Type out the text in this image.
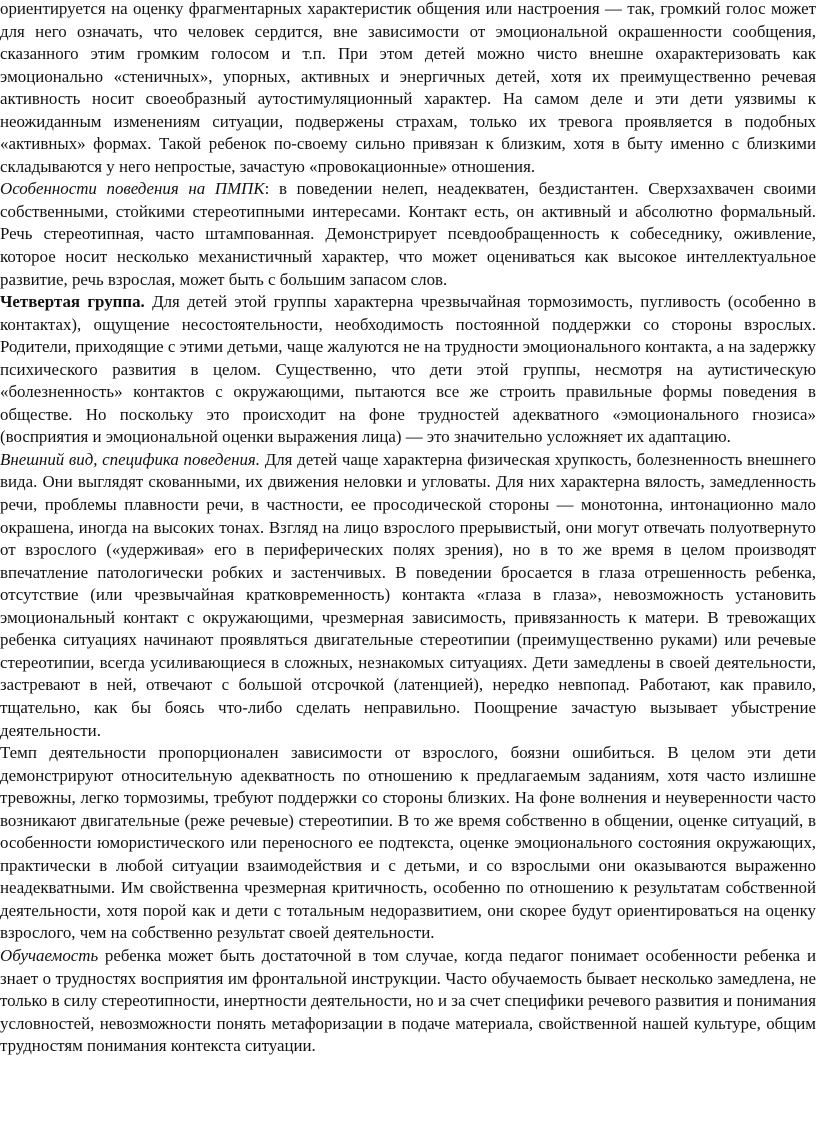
ориентируется на оценку фрагментарных характеристик общения или настроения — так, громкий голос может для него означать, что человек сердится, вне зависимости от эмоциональной окрашенности сообщения, сказанного этим громким голосом и т.п. При этом детей можно чисто внешне охарактеризовать как эмоционально «стеничных», упорных, активных и энергичных детей, хотя их преимущественно речевая активность носит своеобразный аутостимуляционный характер. На самом деле и эти дети уязвимы к неожиданным изменениям ситуации, подвержены страхам, только их тревога проявляется в подобных «активных» формах. Такой ребенок по-своему сильно привязан к близким, хотя в быту именно с близкими складываются у него непростые, зачастую «провокационные» отношения.

Особенности поведения на ПМПК: в поведении нелеп, неадекватен, бездистантен. Сверхзахвачен своими собственными, стойкими стереотипными интересами. Контакт есть, он активный и абсолютно формальный. Речь стереотипная, часто штампованная. Демонстрирует псевдообращенность к собеседнику, оживление, которое носит несколько механистичный характер, что может оцениваться как высокое интеллектуальное развитие, речь взрослая, может быть с большим запасом слов.

Четвертая группа. Для детей этой группы характерна чрезвычайная тормозимость, пугливость (особенно в контактах), ощущение несостоятельности, необходимость постоянной поддержки со стороны взрослых. Родители, приходящие с этими детьми, чаще жалуются не на трудности эмоционального контакта, а на задержку психического развития в целом. Существенно, что дети этой группы, несмотря на аутистическую «болезненность» контактов с окружающими, пытаются все же строить правильные формы поведения в обществе. Но поскольку это происходит на фоне трудностей адекватного «эмоционального гнозиса» (восприятия и эмоциональной оценки выражения лица) — это значительно усложняет их адаптацию.

Внешний вид, специфика поведения. Для детей чаще характерна физическая хрупкость, болезненность внешнего вида. Они выглядят скованными, их движения неловки и угловаты. Для них характерна вялость, замедленность речи, проблемы плавности речи, в частности, ее просодической стороны — монотонна, интонационно мало окрашена, иногда на высоких тонах. Взгляд на лицо взрослого прерывистый, они могут отвечать полуотвернуто от взрослого («удерживая» его в периферических полях зрения), но в то же время в целом производят впечатление патологически робких и застенчивых. В поведении бросается в глаза отрешенность ребенка, отсутствие (или чрезвычайная кратковременность) контакта «глаза в глаза», невозможность установить эмоциональный контакт с окружающими, чрезмерная зависимость, привязанность к матери. В тревожащих ребенка ситуациях начинают проявляться двигательные стереотипии (преимущественно руками) или речевые стереотипии, всегда усиливающиеся в сложных, незнакомых ситуациях. Дети замедлены в своей деятельности, застревают в ней, отвечают с большой отсрочкой (латенцией), нередко невпопад. Работают, как правило, тщательно, как бы боясь что-либо сделать неправильно. Поощрение зачастую вызывает убыстрение деятельности.

Темп деятельности пропорционален зависимости от взрослого, боязни ошибиться. В целом эти дети демонстрируют относительную адекватность по отношению к предлагаемым заданиям, хотя часто излишне тревожны, легко тормозимы, требуют поддержки со стороны близких. На фоне волнения и неуверенности часто возникают двигательные (реже речевые) стереотипии. В то же время собственно в общении, оценке ситуаций, в особенности юмористического или переносного ее подтекста, оценке эмоционального состояния окружающих, практически в любой ситуации взаимодействия и с детьми, и со взрослыми они оказываются выраженно неадекватными. Им свойственна чрезмерная критичность, особенно по отношению к результатам собственной деятельности, хотя порой как и дети с тотальным недоразвитием, они скорее будут ориентироваться на оценку взрослого, чем на собственно результат своей деятельности.

Обучаемость ребенка может быть достаточной в том случае, когда педагог понимает особенности ребенка и знает о трудностях восприятия им фронтальной инструкции. Часто обучаемость бывает несколько замедлена, не только в силу стереотипности, инертности деятельности, но и за счет специфики речевого развития и понимания условностей, невозможности понять метафоризации в подаче материала, свойственной нашей культуре, общим трудностям понимания контекста ситуации.
